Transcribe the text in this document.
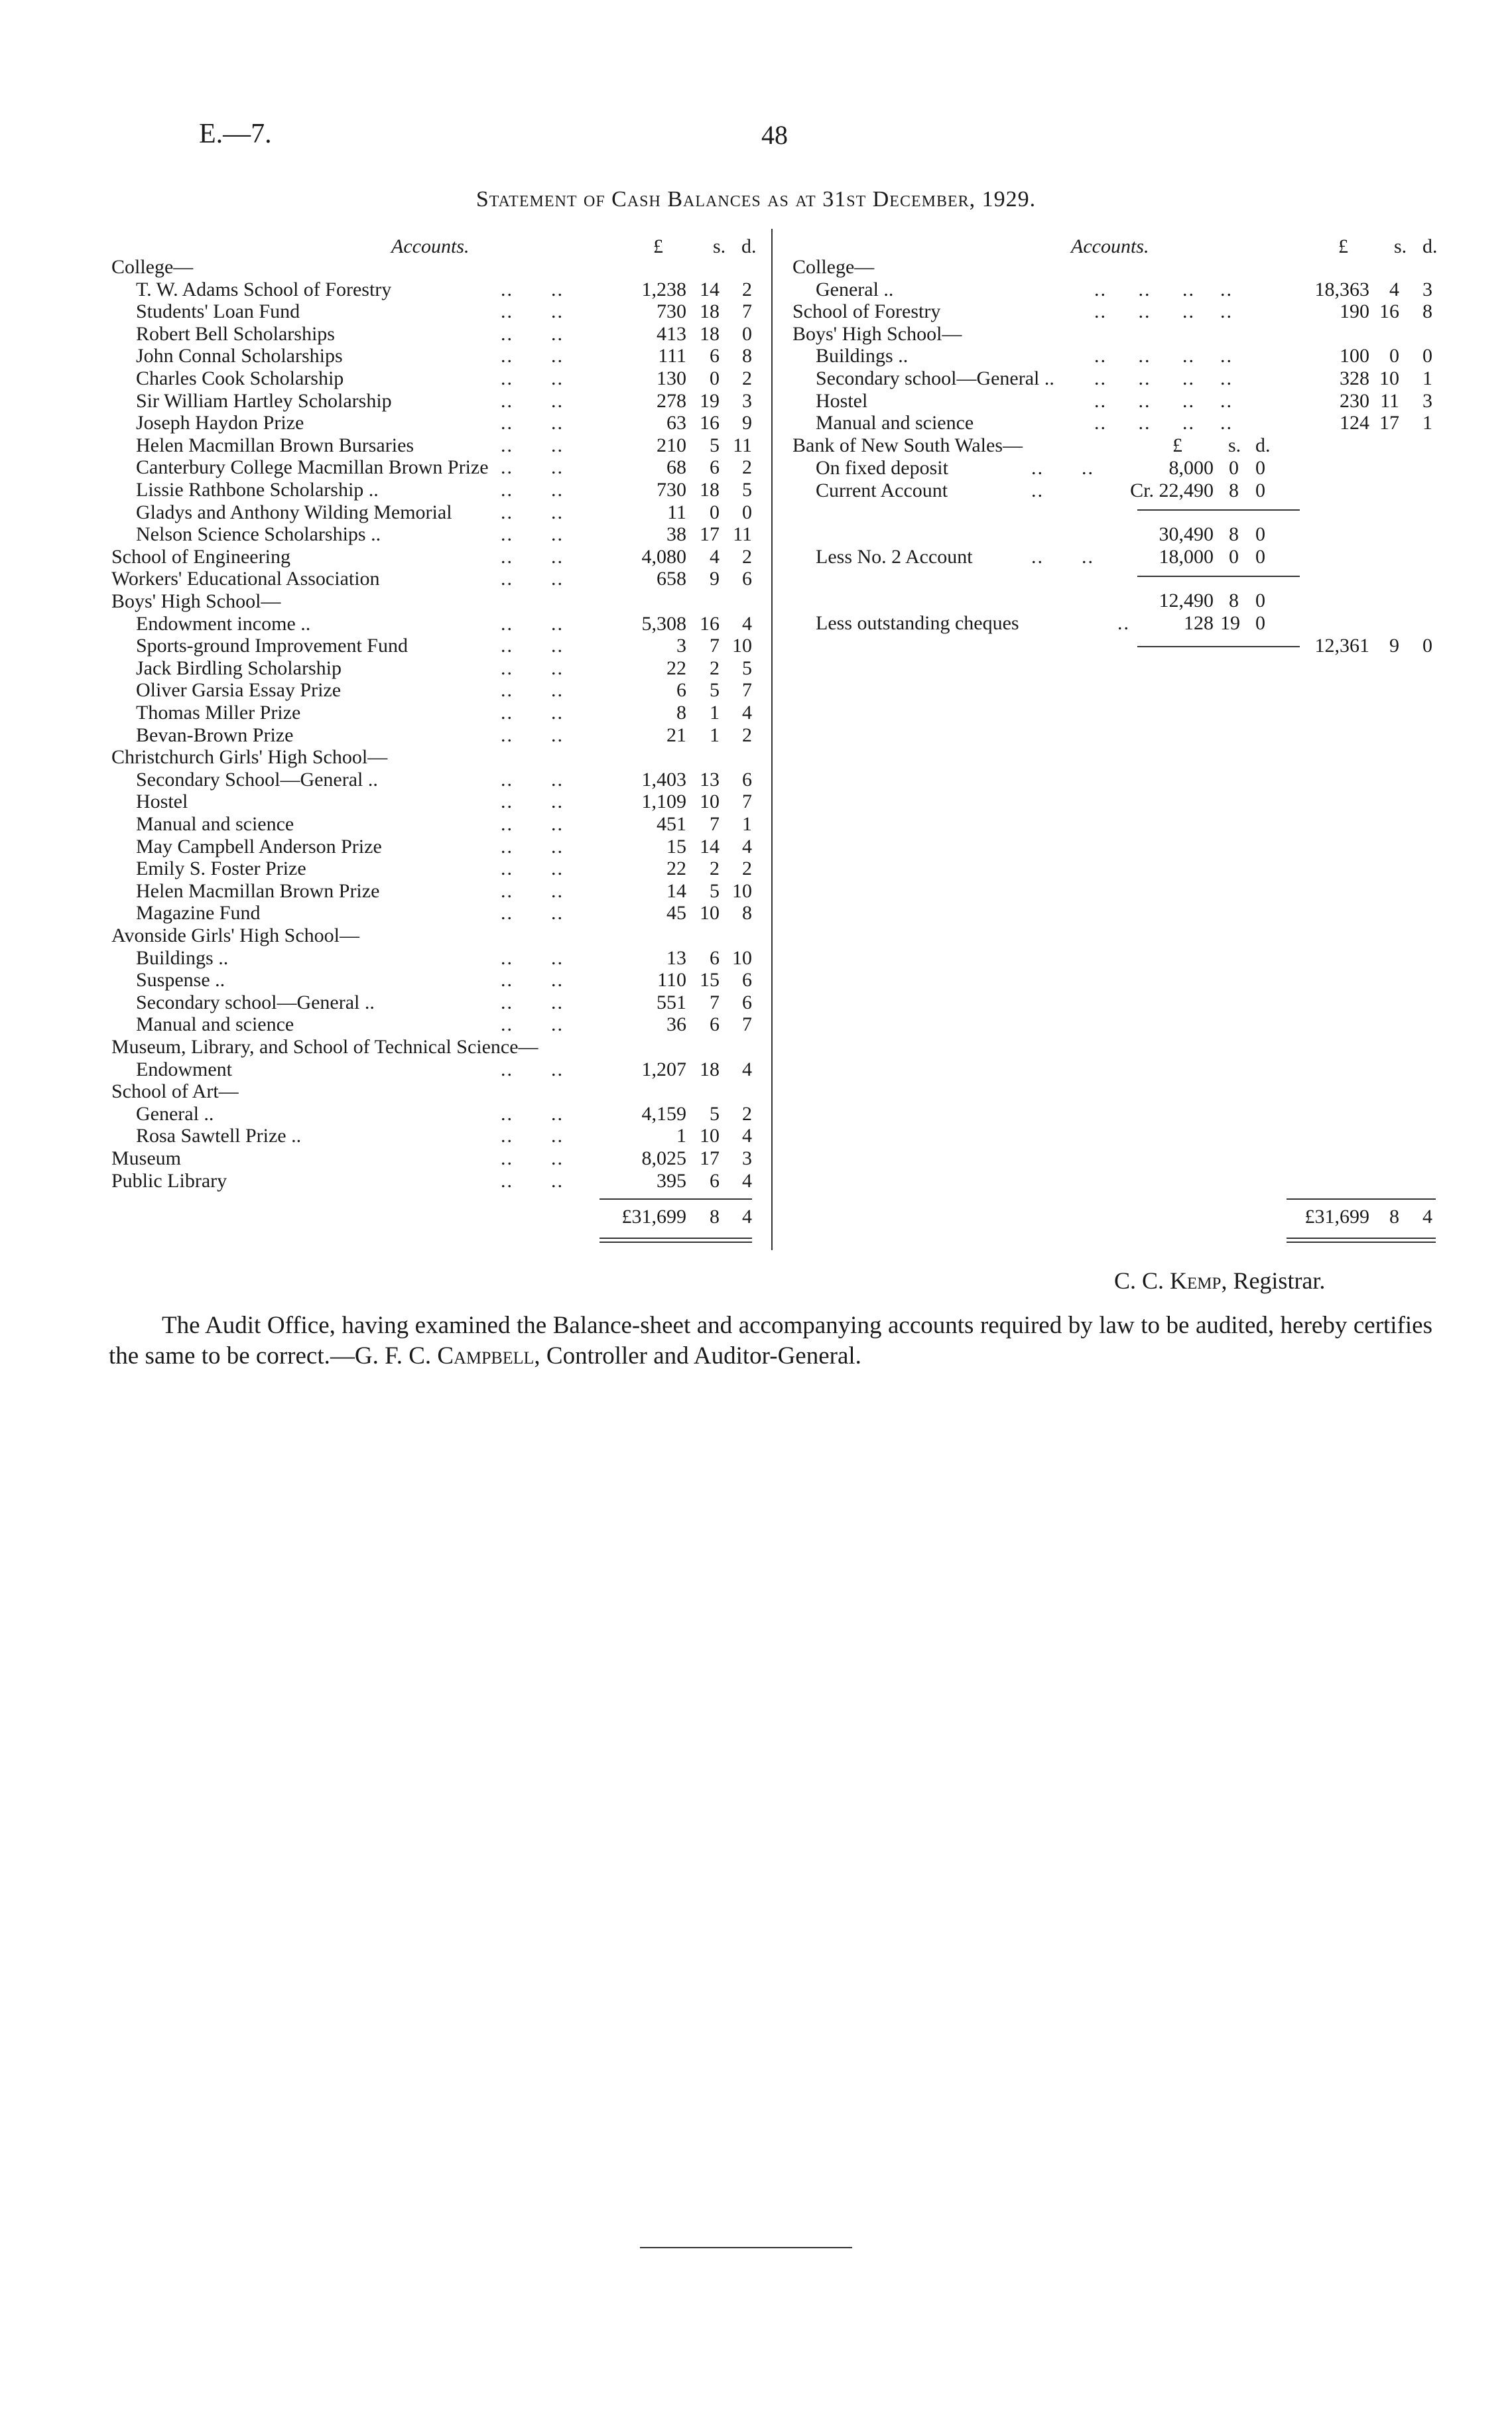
E.—7.	48
Statement of Cash Balances as at 31st December, 1929.
Accounts.	£	s. d.	Accounts.	£ s. d.
College—
T. W. Adams School of Forestry	..      ..	1,238 14	2
Students' Loan Fund	..      ..	730 18	7
Robert Bell Scholarships	..      ..	413 18	0
John Connal Scholarships	..      ..	111	6	8
Charles Cook Scholarship	..      ..	130	0	2
Sir William Hartley Scholarship	..      ..	278 19	3
Joseph Haydon Prize	..      ..	63 16	9
Helen Macmillan Brown Bursaries	..      ..	210	5 11
Canterbury College Macmillan Brown Prize ..      ..	68	6	2
Lissie Rathbone Scholarship ..	..      ..	730 18	5
Gladys and Anthony Wilding Memorial ..      ..	11	0	0
Nelson Science Scholarships ..	..      ..	38 17 11
School of Engineering	..      ..	4,080	4	2
Workers' Educational Association	..      ..	658	9	6
Boys' High School—
Endowment income ..	..      ..	5,308 16	4
Sports-ground Improvement Fund	..      ..	3	7 10
Jack Birdling Scholarship	..      ..	22	2	5
Oliver Garsia Essay Prize	..      ..	6	5	7
Thomas Miller Prize	..      ..	8	1	4
Bevan-Brown Prize	..      ..	21	1	2
Christchurch Girls' High School—
Secondary School—General ..	..      ..	1,403 13	6
Hostel	..      ..	1,109 10	7
Manual and science	..      ..	451	7	1
May Campbell Anderson Prize	..      ..	15 14	4
Emily S. Foster Prize	..      ..	22	2	2
Helen Macmillan Brown Prize	..      ..	14	5 10
Magazine Fund	..      ..	45 10	8
Avonside Girls' High School—
Buildings ..	..      ..	13	6 10
Suspense ..	..      ..	110 15	6
Secondary school—General ..	..      ..	551	7	6
Manual and science	..      ..	36	6	7
Museum, Library, and School of Technical Science—
Endowment	..      ..	1,207 18	4
School of Art—
General ..	..      ..	4,159	5	2
Rosa Sawtell Prize ..	..      ..	1 10	4
Museum	..      ..	8,025 17	3
Public Library	..      ..	395	6	4
£31,699	8	4
College—
General ..	..     ..     ..    ..	18,363	4	3
School of Forestry	..     ..     ..    ..	190 16	8
Boys' High School—
Buildings ..	..     ..     ..    ..	100	0	0
Secondary school—General .. ..     ..     ..    ..	328 10	1
Hostel	..     ..     ..    ..	230 11	3
Manual and science	..     ..     ..    ..	124 17	1
Bank of New South Wales—	£ s. d.
On fixed deposit	..      ..	8,000 0 0
Current Account	..	Cr. 22,490 8 0
30,490 8 0
Less No. 2 Account	..      ..	18,000 0 0
12,490 8 0
Less outstanding cheques	..	128 19 0
12,361	9	0
£31,699	8	4
C. C. Kemp, Registrar.
The Audit Office, having examined the Balance-sheet and accompanying accounts required by law to be audited, hereby certifies the same to be correct.—G. F. C. Campbell, Controller and Auditor-General.
